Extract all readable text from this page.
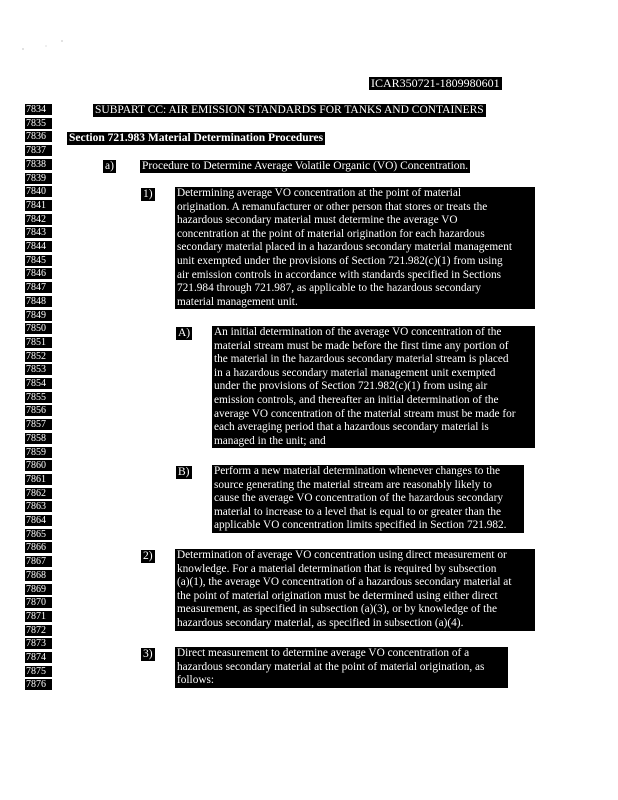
ICAR350721-1809980601
7834
7835
7836
7837
7838
7839
7840
7841
7842
7843
7844
7845
7846
7847
7848
7849
7850
7851
7852
7853
7854
7855
7856
7857
7858
7859
7860
7861
7862
7863
7864
7865
7866
7867
7868
7869
7870
7871
7872
7873
7874
7875
7876
SUBPART CC: AIR EMISSION STANDARDS FOR TANKS AND CONTAINERS
Section 721.983 Material Determination Procedures
a) Procedure to Determine Average Volatile Organic (VO) Concentration.
1) Determining average VO concentration at the point of material
origination. A remanufacturer or other person that stores or treats the
hazardous secondary material must determine the average VO
concentration at the point of material origination for each hazardous
secondary material placed in a hazardous secondary material management
unit exempted under the provisions of Section 721.982(c)(1) from using
air emission controls in accordance with standards specified in Sections
721.984 through 721.987, as applicable to the hazardous secondary
material management unit.
A) An initial determination of the average VO concentration of the
material stream must be made before the first time any portion of
the material in the hazardous secondary material stream is placed
in a hazardous secondary material management unit exempted
under the provisions of Section 721.982(c)(1) from using air
emission controls, and thereafter an initial determination of the
average VO concentration of the material stream must be made for
each averaging period that a hazardous secondary material is
managed in the unit; and
B) Perform a new material determination whenever changes to the
source generating the material stream are reasonably likely to
cause the average VO concentration of the hazardous secondary
material to increase to a level that is equal to or greater than the
applicable VO concentration limits specified in Section 721.982.
2) Determination of average VO concentration using direct measurement or
knowledge. For a material determination that is required by subsection
(a)(1), the average VO concentration of a hazardous secondary material at
the point of material origination must be determined using either direct
measurement, as specified in subsection (a)(3), or by knowledge of the
hazardous secondary material, as specified in subsection (a)(4).
3) Direct measurement to determine average VO concentration of a
hazardous secondary material at the point of material origination, as
follows:
